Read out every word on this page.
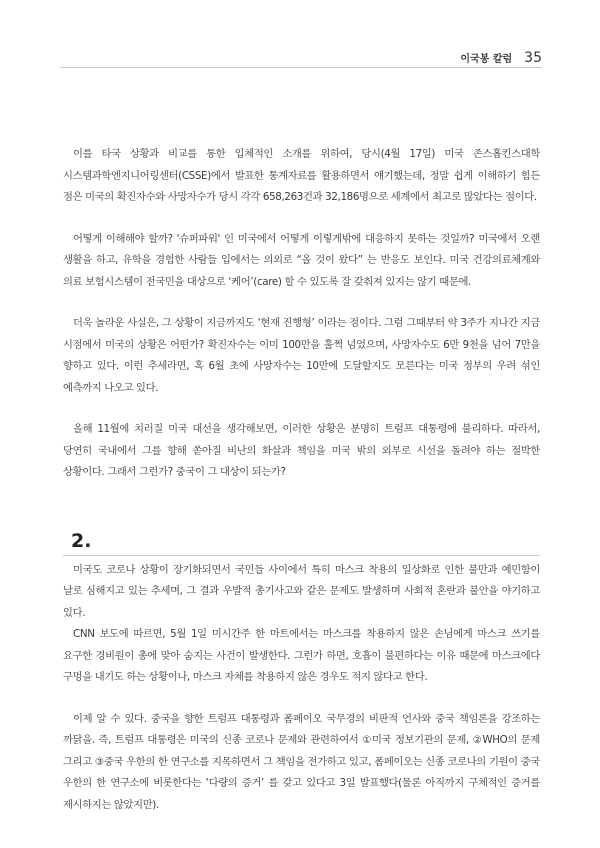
이국봉 칼럼 35

이를 타국 상황과 비교를 통한 입체적인 소개를 위하여, 당시(4월 17일) 미국 존스홉킨스대학 시스템과학엔지니어링센터(CSSE)에서 발표한 통계자료를 활용하면서 얘기했는데, 정말 쉽게 이해하기 힘든 점은 미국의 확진자수와 사망자수가 당시 각각 658,263건과 32,186명으로 세계에서 최고로 많았다는 점이다.

어떻게 이해해야 할까? '슈퍼파워' 인 미국에서 어떻게 이렇게밖에 대응하지 못하는 것일까? 미국에서 오랜 생활을 하고, 유학을 경험한 사람들 입에서는 의외로 “올 것이 왔다” 는 반응도 보인다. 미국 건강의료체계와 의료 보험시스템이 전국민을 대상으로 ‘케어’(care) 할 수 있도록 잘 갖춰져 있지는 않기 때문에.

더욱 놀라운 사실은, 그 상황이 지금까지도 ‘현재 진행형’ 이라는 점이다. 그럼 그때부터 약 3주가 지나간 지금 시점에서 미국의 상황은 어떤가? 확진자수는 이미 100만을 훌쩍 넘었으며, 사망자수도 6만 9천을 넘어 7만을 향하고 있다. 이런 추세라면, 혹 6월 초에 사망자수는 10만에 도달할지도 모른다는 미국 정부의 우려 섞인 예측까지 나오고 있다.

올해 11월에 치러질 미국 대선을 생각해보면, 이러한 상황은 분명히 트럼프 대통령에 불리하다. 따라서, 당연히 국내에서 그를 향해 쏟아질 비난의 화살과 책임을 미국 밖의 외부로 시선을 돌려야 하는 절박한 상황이다. 그래서 그런가? 중국이 그 대상이 되는가?

2.

미국도 코로나 상황이 장기화되면서 국민들 사이에서 특히 마스크 착용의 일상화로 인한 불만과 예민함이 날로 심해지고 있는 추세며, 그 결과 우발적 총기사고와 같은 문제도 발생하며 사회적 혼란과 불안을 야기하고 있다.

CNN 보도에 따르면, 5월 1일 미시간주 한 마트에서는 마스크를 착용하지 않은 손님에게 마스크 쓰기를 요구한 경비원이 총에 맞아 숨지는 사건이 발생한다. 그런가 하면, 호흡이 불편하다는 이유 때문에 마스크에다 구멍을 내기도 하는 상황이나, 마스크 자체를 착용하지 않은 경우도 적지 않다고 한다.

이제 알 수 있다. 중국을 향한 트럼프 대통령과 폼페이오 국무경의 비판적 언사와 중국 책임론을 강조하는 까닭을. 즉, 트럼프 대통령은 미국의 신종 코로나 문제와 관련하여서 ①미국 정보기관의 문제, ②WHO의 문제 그리고 ③중국 우한의 한 연구소를 지목하면서 그 책임을 전가하고 있고, 폼페이오는 신종 코로나의 기원이 중국 우한의 한 연구소에 비롯한다는 ‘다량의 증거’ 를 갖고 있다고 3일 발표했다(물론 아직까지 구체적인 증거를 제시하지는 않았지만).
